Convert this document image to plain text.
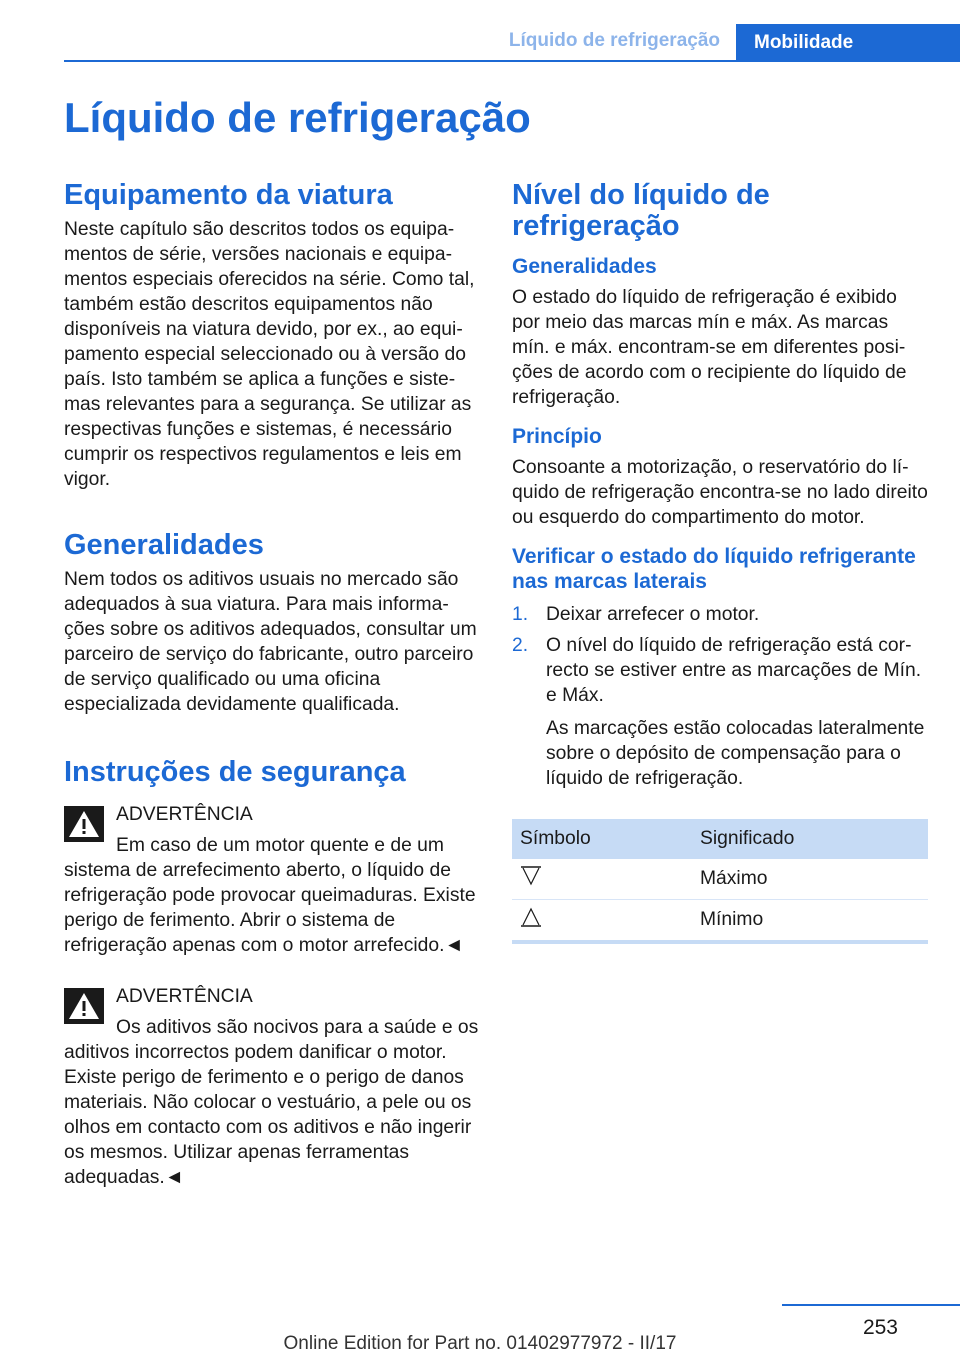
Líquido de refrigeração	Mobilidade
Líquido de refrigeração
Equipamento da viatura

Neste capítulo são descritos todos os equipamentos de série, versões nacionais e equipamentos especiais oferecidos na série. Como tal, também estão descritos equipamentos não disponíveis na viatura devido, por ex., ao equipamento especial seleccionado ou à versão do país. Isto também se aplica a funções e sistemas relevantes para a segurança. Se utilizar as respectivas funções e sistemas, é necessário cumprir os respectivos regulamentos e leis em vigor.

Generalidades

Nem todos os aditivos usuais no mercado são adequados à sua viatura. Para mais informações sobre os aditivos adequados, consultar um parceiro de serviço do fabricante, outro parceiro de serviço qualificado ou uma oficina especializada devidamente qualificada.

Instruções de segurança
ADVERTÊNCIA

Em caso de um motor quente e de um sistema de arrefecimento aberto, o líquido de refrigeração pode provocar queimaduras. Existe perigo de ferimento. Abrir o sistema de refrigeração apenas com o motor arrefecido.◄

ADVERTÊNCIA

Os aditivos são nocivos para a saúde e os aditivos incorrectos podem danificar o motor. Existe perigo de ferimento e o perigo de danos materiais. Não colocar o vestuário, a pele ou os olhos em contacto com os aditivos e não ingerir os mesmos. Utilizar apenas ferramentas adequadas.◄

Nível do líquido de refrigeração
Generalidades

O estado do líquido de refrigeração é exibido por meio das marcas mín e máx. As marcas mín. e máx. encontram-se em diferentes posições de acordo com o recipiente do líquido de refrigeração.

Princípio

Consoante a motorização, o reservatório do líquido de refrigeração encontra-se no lado direito ou esquerdo do compartimento do motor.

Verificar o estado do líquido refrigerante nas marcas laterais
1. Deixar arrefecer o motor.
2. O nível do líquido de refrigeração está correcto se estiver entre as marcações de Mín. e Máx.
As marcações estão colocadas lateralmente sobre o depósito de compensação para o líquido de refrigeração.
Símbolo	Significado
	Máximo
	Mínimo
253
Online Edition for Part no. 01402977972 - II/17
